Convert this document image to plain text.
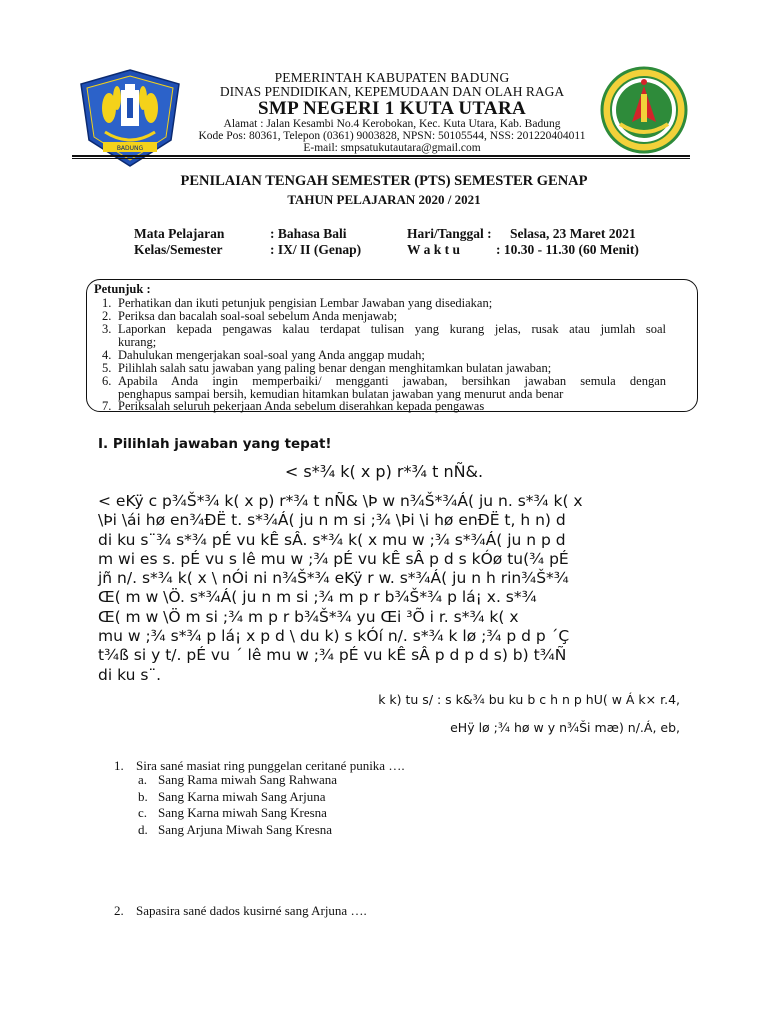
BADUNG
PEMERINTAH KABUPATEN BADUNG
DINAS PENDIDIKAN, KEPEMUDAAN DAN OLAH RAGA
SMP NEGERI 1 KUTA UTARA
Alamat : Jalan Kesambi No.4 Kerobokan, Kec. Kuta Utara, Kab. Badung
Kode Pos: 80361, Telepon (0361) 9003828, NPSN: 50105544, NSS: 201220404011
E-mail: smpsatukutautara@gmail.com
PENILAIAN TENGAH SEMESTER (PTS) SEMESTER GENAP
TAHUN PELAJARAN 2020 / 2021
Mata Pelajaran	: Bahasa Bali	Hari/Tanggal : Selasa, 23 Maret 2021
Kelas/Semester	: IX/ II (Genap)	W a k t u	: 10.30 - 11.30 (60 Menit)
Petunjuk :
1. Perhatikan dan ikuti petunjuk pengisian Lembar Jawaban yang disediakan;
2. Periksa dan bacalah soal-soal sebelum Anda menjawab;
3. Laporkan kepada pengawas kalau terdapat tulisan yang kurang jelas, rusak atau jumlah soal
kurang;
4. Dahulukan mengerjakan soal-soal yang Anda anggap mudah;
5. Pilihlah salah satu jawaban yang paling benar dengan menghitamkan bulatan jawaban;
6. Apabila Anda ingin memperbaiki/ mengganti jawaban, bersihkan jawaban semula dengan
penghapus sampai bersih, kemudian hitamkan bulatan jawaban yang menurut anda benar
7. Periksalah seluruh pekerjaan Anda sebelum diserahkan kepada pengawas
I. Pilihlah jawaban yang tepat!
< s*¾ k( x p) r*¾ t nÑ&.
< eKÿ c p¾Š*¾ k( x p) r*¾ t nÑ& \Þ w n¾Š*¾Á( ju n. s*¾ k( x
\Þi \ái hø en¾ÐË t. s*¾Á( ju n m si ;¾ \Þi \i hø enÐË t, h n) d
di ku s¨¾ s*¾ pÉ vu kÊ sÂ. s*¾ k( x mu w ;¾ s*¾Á( ju n p d
m wi es s. pÉ vu s lê mu w ;¾ pÉ vu kÊ sÂ p d s kÓø tu(¾ pÉ
jñ n/. s*¾ k( x \ nÓi ni n¾Š*¾ eKÿ r w. s*¾Á( ju n h rin¾Š*¾
Œ( m w \Ö. s*¾Á( ju n m si ;¾ m p r b¾Š*¾ p lá¡ x. s*¾
Œ( m w \Ö m si ;¾ m p r b¾Š*¾ yu Œi ³Õ i r. s*¾ k( x
mu w ;¾ s*¾ p lá¡ x p d \ du k) s kÓí n/. s*¾ k lø ;¾ p d p ´Ç
t¾ß si y t/. pÉ vu ´ lê mu w ;¾ pÉ vu kÊ sÂ p d p d s) b) t¾Ñ
di ku s¨.
k k) tu s/ : s k&¾ bu ku b c h n p hU( w Á k× r.4,
eHÿ lø ;¾ hø w y n¾Ši mæ) n/.Á, eb,
1. Sira sané masiat ring punggelan ceritané punika ….
a. Sang Rama miwah Sang Rahwana
b. Sang Karna miwah Sang Arjuna
c. Sang Karna miwah Sang Kresna
d. Sang Arjuna Miwah Sang Kresna
2. Sapasira sané dados kusirné sang Arjuna ….
